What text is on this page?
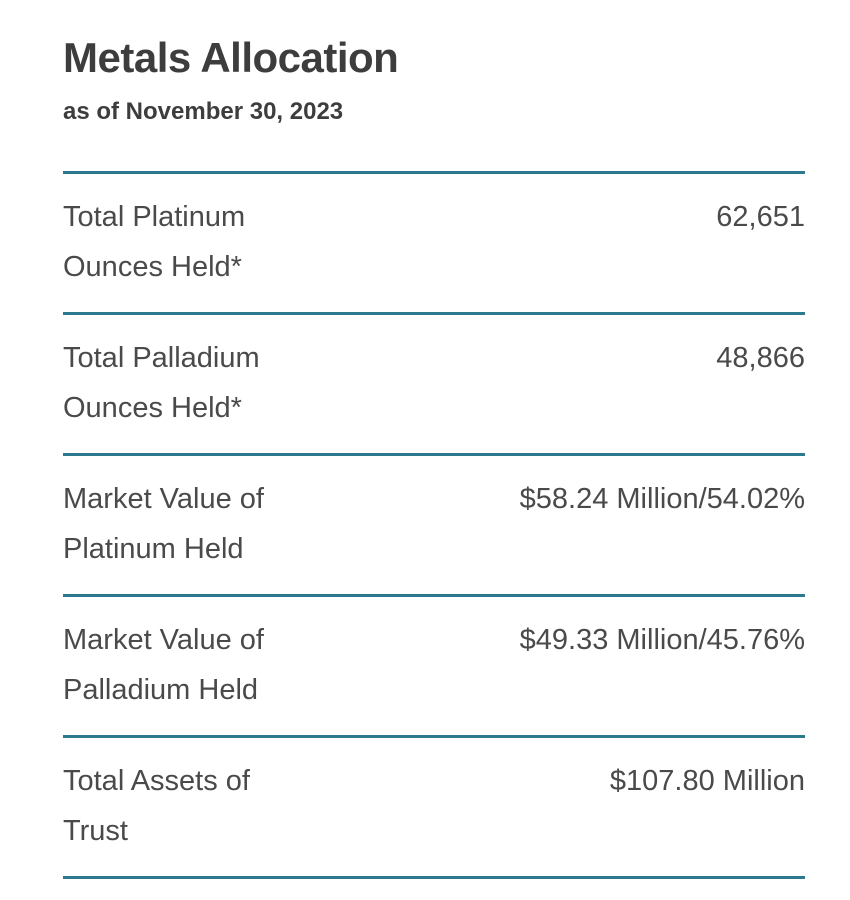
Metals Allocation
as of November 30, 2023
Total Platinum
Ounces Held*
62,651
Total Palladium
Ounces Held*
48,866
Market Value of
Platinum Held
$58.24 Million/54.02%
Market Value of
Palladium Held
$49.33 Million/45.76%
Total Assets of
Trust
$107.80 Million
